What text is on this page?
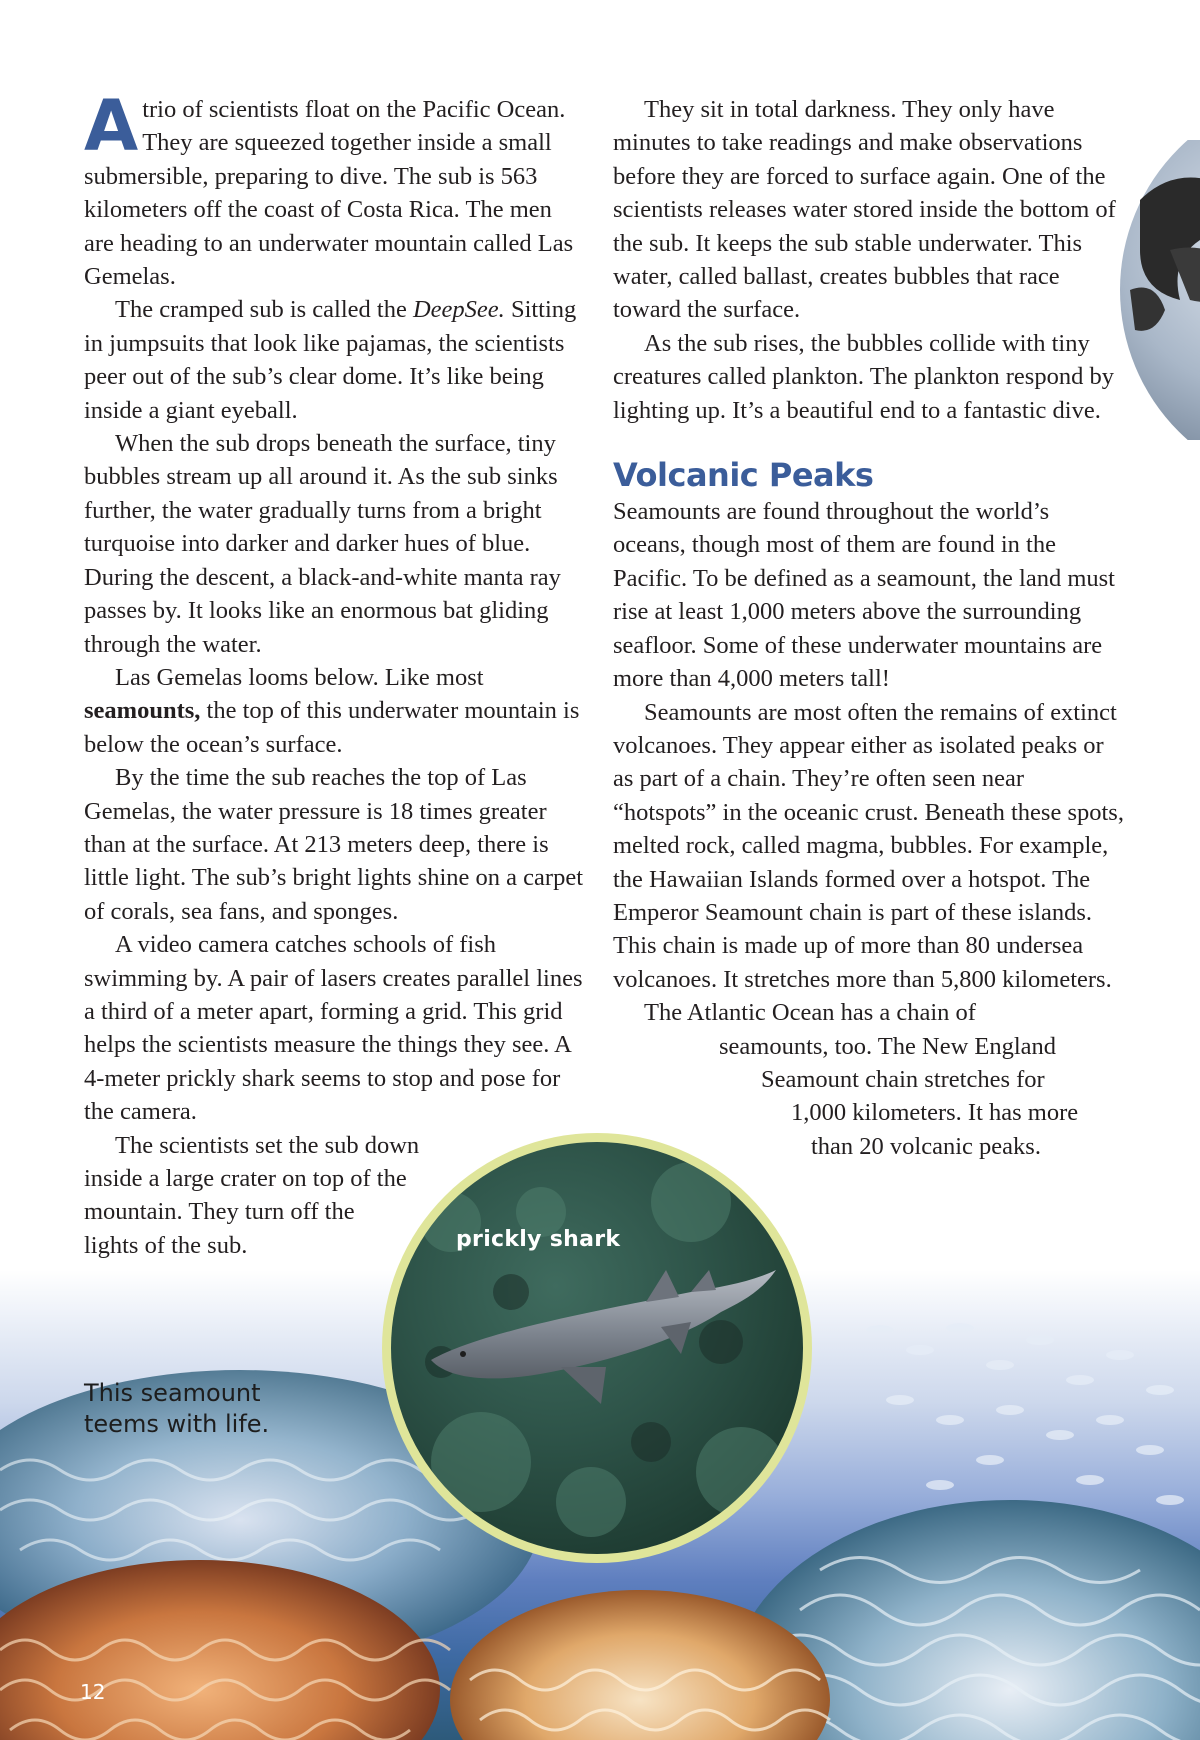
Atrio of scientists float on the Pacific Ocean. They are squeezed together inside a small submersible, preparing to dive. The sub is 563 kilometers off the coast of Costa Rica. The men are heading to an underwater mountain called Las Gemelas.

The cramped sub is called the DeepSee. Sitting in jumpsuits that look like pajamas, the scientists peer out of the sub’s clear dome. It’s like being inside a giant eyeball.

When the sub drops beneath the surface, tiny bubbles stream up all around it. As the sub sinks further, the water gradually turns from a bright turquoise into darker and darker hues of blue. During the descent, a black-and-white manta ray passes by. It looks like an enormous bat gliding through the water.

Las Gemelas looms below. Like most seamounts, the top of this underwater mountain is below the ocean’s surface.

By the time the sub reaches the top of Las Gemelas, the water pressure is 18 times greater than at the surface. At 213 meters deep, there is little light. The sub’s bright lights shine on a carpet of corals, sea fans, and sponges.

A video camera catches schools of fish swimming by. A pair of lasers creates parallel lines a third of a meter apart, forming a grid. This grid helps the scientists measure the things they see. A 4-meter prickly shark seems to stop and pose for the camera.

The scientists set the sub down
inside a large crater on top of the
mountain. They turn off the
lights of the sub.

They sit in total darkness. They only have minutes to take readings and make observations before they are forced to surface again. One of the scientists releases water stored inside the bottom of the sub. It keeps the sub stable underwater. This water, called ballast, creates bubbles that race toward the surface.

As the sub rises, the bubbles collide with tiny creatures called plankton. The plankton respond by lighting up. It’s a beautiful end to a fantastic dive.

Volcanic Peaks

Seamounts are found throughout the world’s oceans, though most of them are found in the Pacific. To be defined as a seamount, the land must rise at least 1,000 meters above the surrounding seafloor. Some of these underwater mountains are more than 4,000 meters tall!

Seamounts are most often the remains of extinct volcanoes. They appear either as isolated peaks or as part of a chain. They’re often seen near “hotspots” in the oceanic crust. Beneath these spots, melted rock, called magma, bubbles. For example, the Hawaiian Islands formed over a hotspot. The Emperor Seamount chain is part of these islands. This chain is made up of more than 80 undersea volcanoes. It stretches more than 5,800 kilometers.

The Atlantic Ocean has a chain of
seamounts, too. The New England
Seamount chain stretches for
1,000 kilometers. It has more
than 20 volcanic peaks.

prickly shark
This seamount teems with life.
12
